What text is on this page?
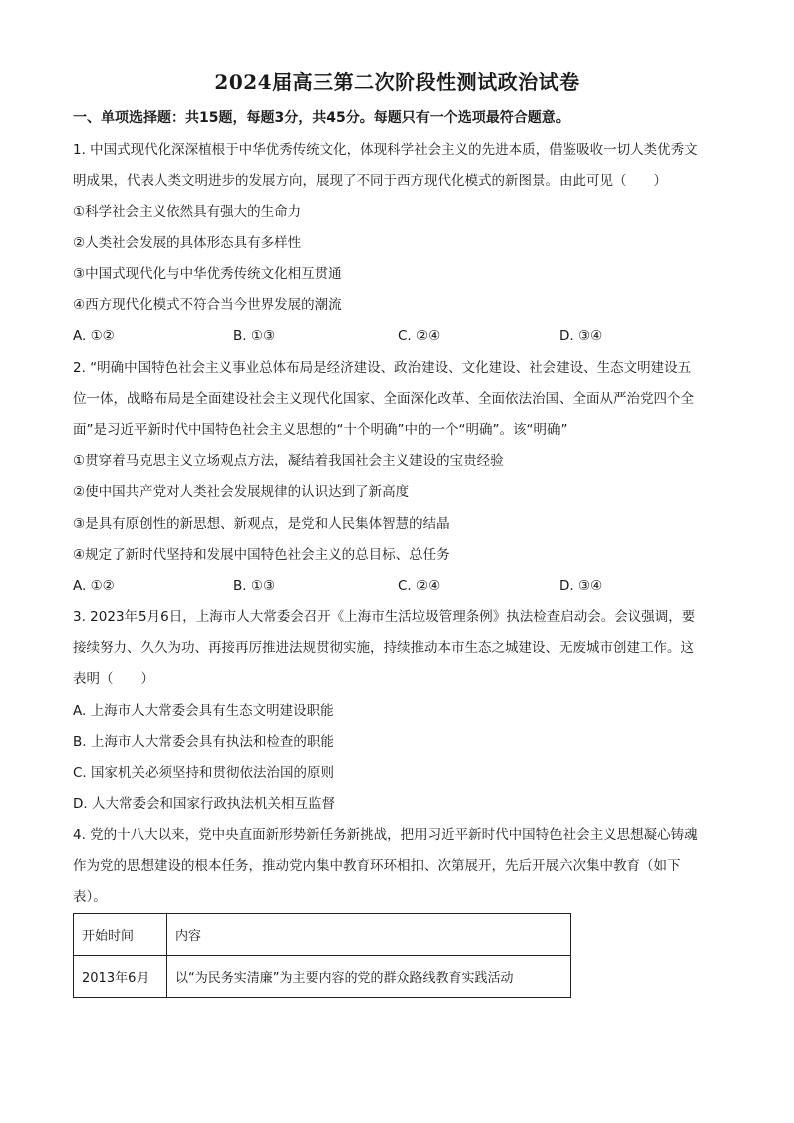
2024届高三第二次阶段性测试政治试卷
一、单项选择题：共15题，每题3分，共45分。每题只有一个选项最符合题意。
1. 中国式现代化深深植根于中华优秀传统文化，体现科学社会主义的先进本质，借鉴吸收一切人类优秀文
明成果，代表人类文明进步的发展方向，展现了不同于西方现代化模式的新图景。由此可见（　　）
①科学社会主义依然具有强大的生命力
②人类社会发展的具体形态具有多样性
③中国式现代化与中华优秀传统文化相互贯通
④西方现代化模式不符合当今世界发展的潮流
A. ①②	B. ①③	C. ②④	D. ③④
2. “明确中国特色社会主义事业总体布局是经济建设、政治建设、文化建设、社会建设、生态文明建设五
位一体，战略布局是全面建设社会主义现代化国家、全面深化改革、全面依法治国、全面从严治党四个全
面”是习近平新时代中国特色社会主义思想的“十个明确”中的一个“明确”。该“明确”
①贯穿着马克思主义立场观点方法，凝结着我国社会主义建设的宝贵经验
②使中国共产党对人类社会发展规律的认识达到了新高度
③是具有原创性的新思想、新观点，是党和人民集体智慧的结晶
④规定了新时代坚持和发展中国特色社会主义的总目标、总任务
A. ①②	B. ①③	C. ②④	D. ③④
3. 2023年5月6日，上海市人大常委会召开《上海市生活垃圾管理条例》执法检查启动会。会议强调，要
接续努力、久久为功、再接再厉推进法规贯彻实施，持续推动本市生态之城建设、无废城市创建工作。这
表明（　　）
A. 上海市人大常委会具有生态文明建设职能
B. 上海市人大常委会具有执法和检查的职能
C. 国家机关必须坚持和贯彻依法治国的原则
D. 人大常委会和国家行政执法机关相互监督
4. 党的十八大以来，党中央直面新形势新任务新挑战，把用习近平新时代中国特色社会主义思想凝心铸魂
作为党的思想建设的根本任务，推动党内集中教育环环相扣、次第展开，先后开展六次集中教育（如下
表）。
开始时间	内容
2013年6月	以“为民务实清廉”为主要内容的党的群众路线教育实践活动
